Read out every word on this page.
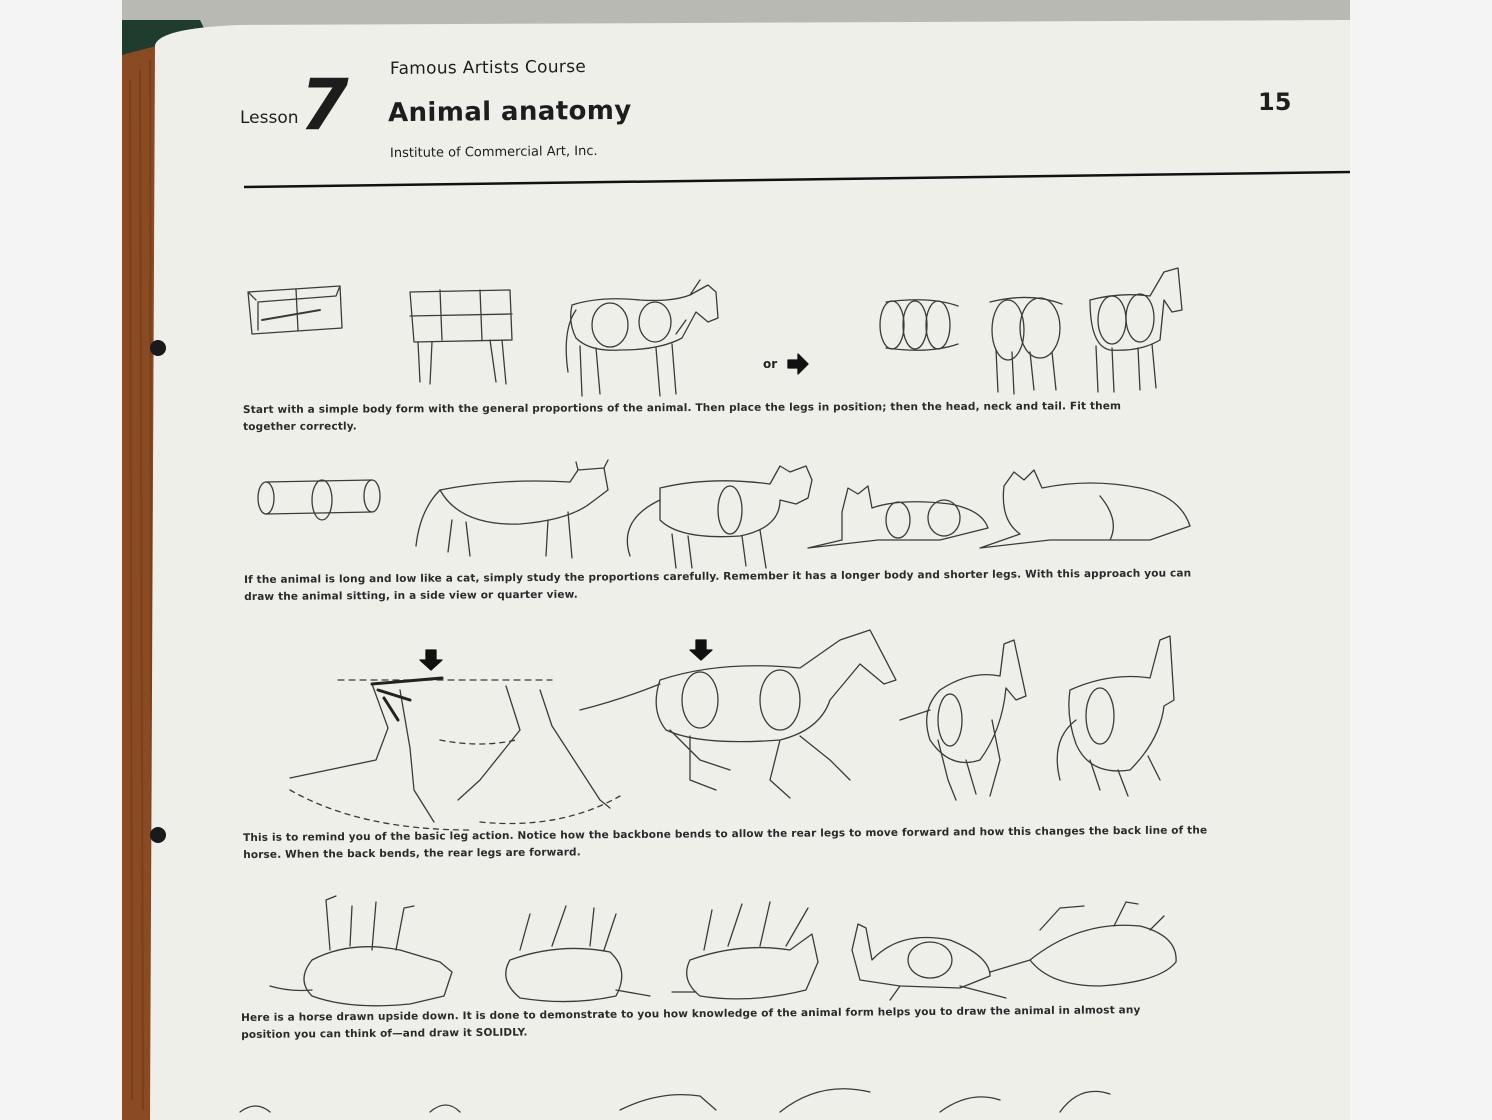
Famous Artists Course
Lesson 7 Animal anatomy
Institute of Commercial Art, Inc.
15
or
Start with a simple body form with the general proportions of the animal. Then place the legs in position; then the head, neck and tail. Fit them together correctly.
If the animal is long and low like a cat, simply study the proportions carefully. Remember it has a longer body and shorter legs. With this approach you can draw the animal sitting, in a side view or quarter view.
This is to remind you of the basic leg action. Notice how the backbone bends to allow the rear legs to move forward and how this changes the back line of the horse. When the back bends, the rear legs are forward.
Here is a horse drawn upside down. It is done to demonstrate to you how knowledge of the animal form helps you to draw the animal in almost any position you can think of—and draw it SOLIDLY.
